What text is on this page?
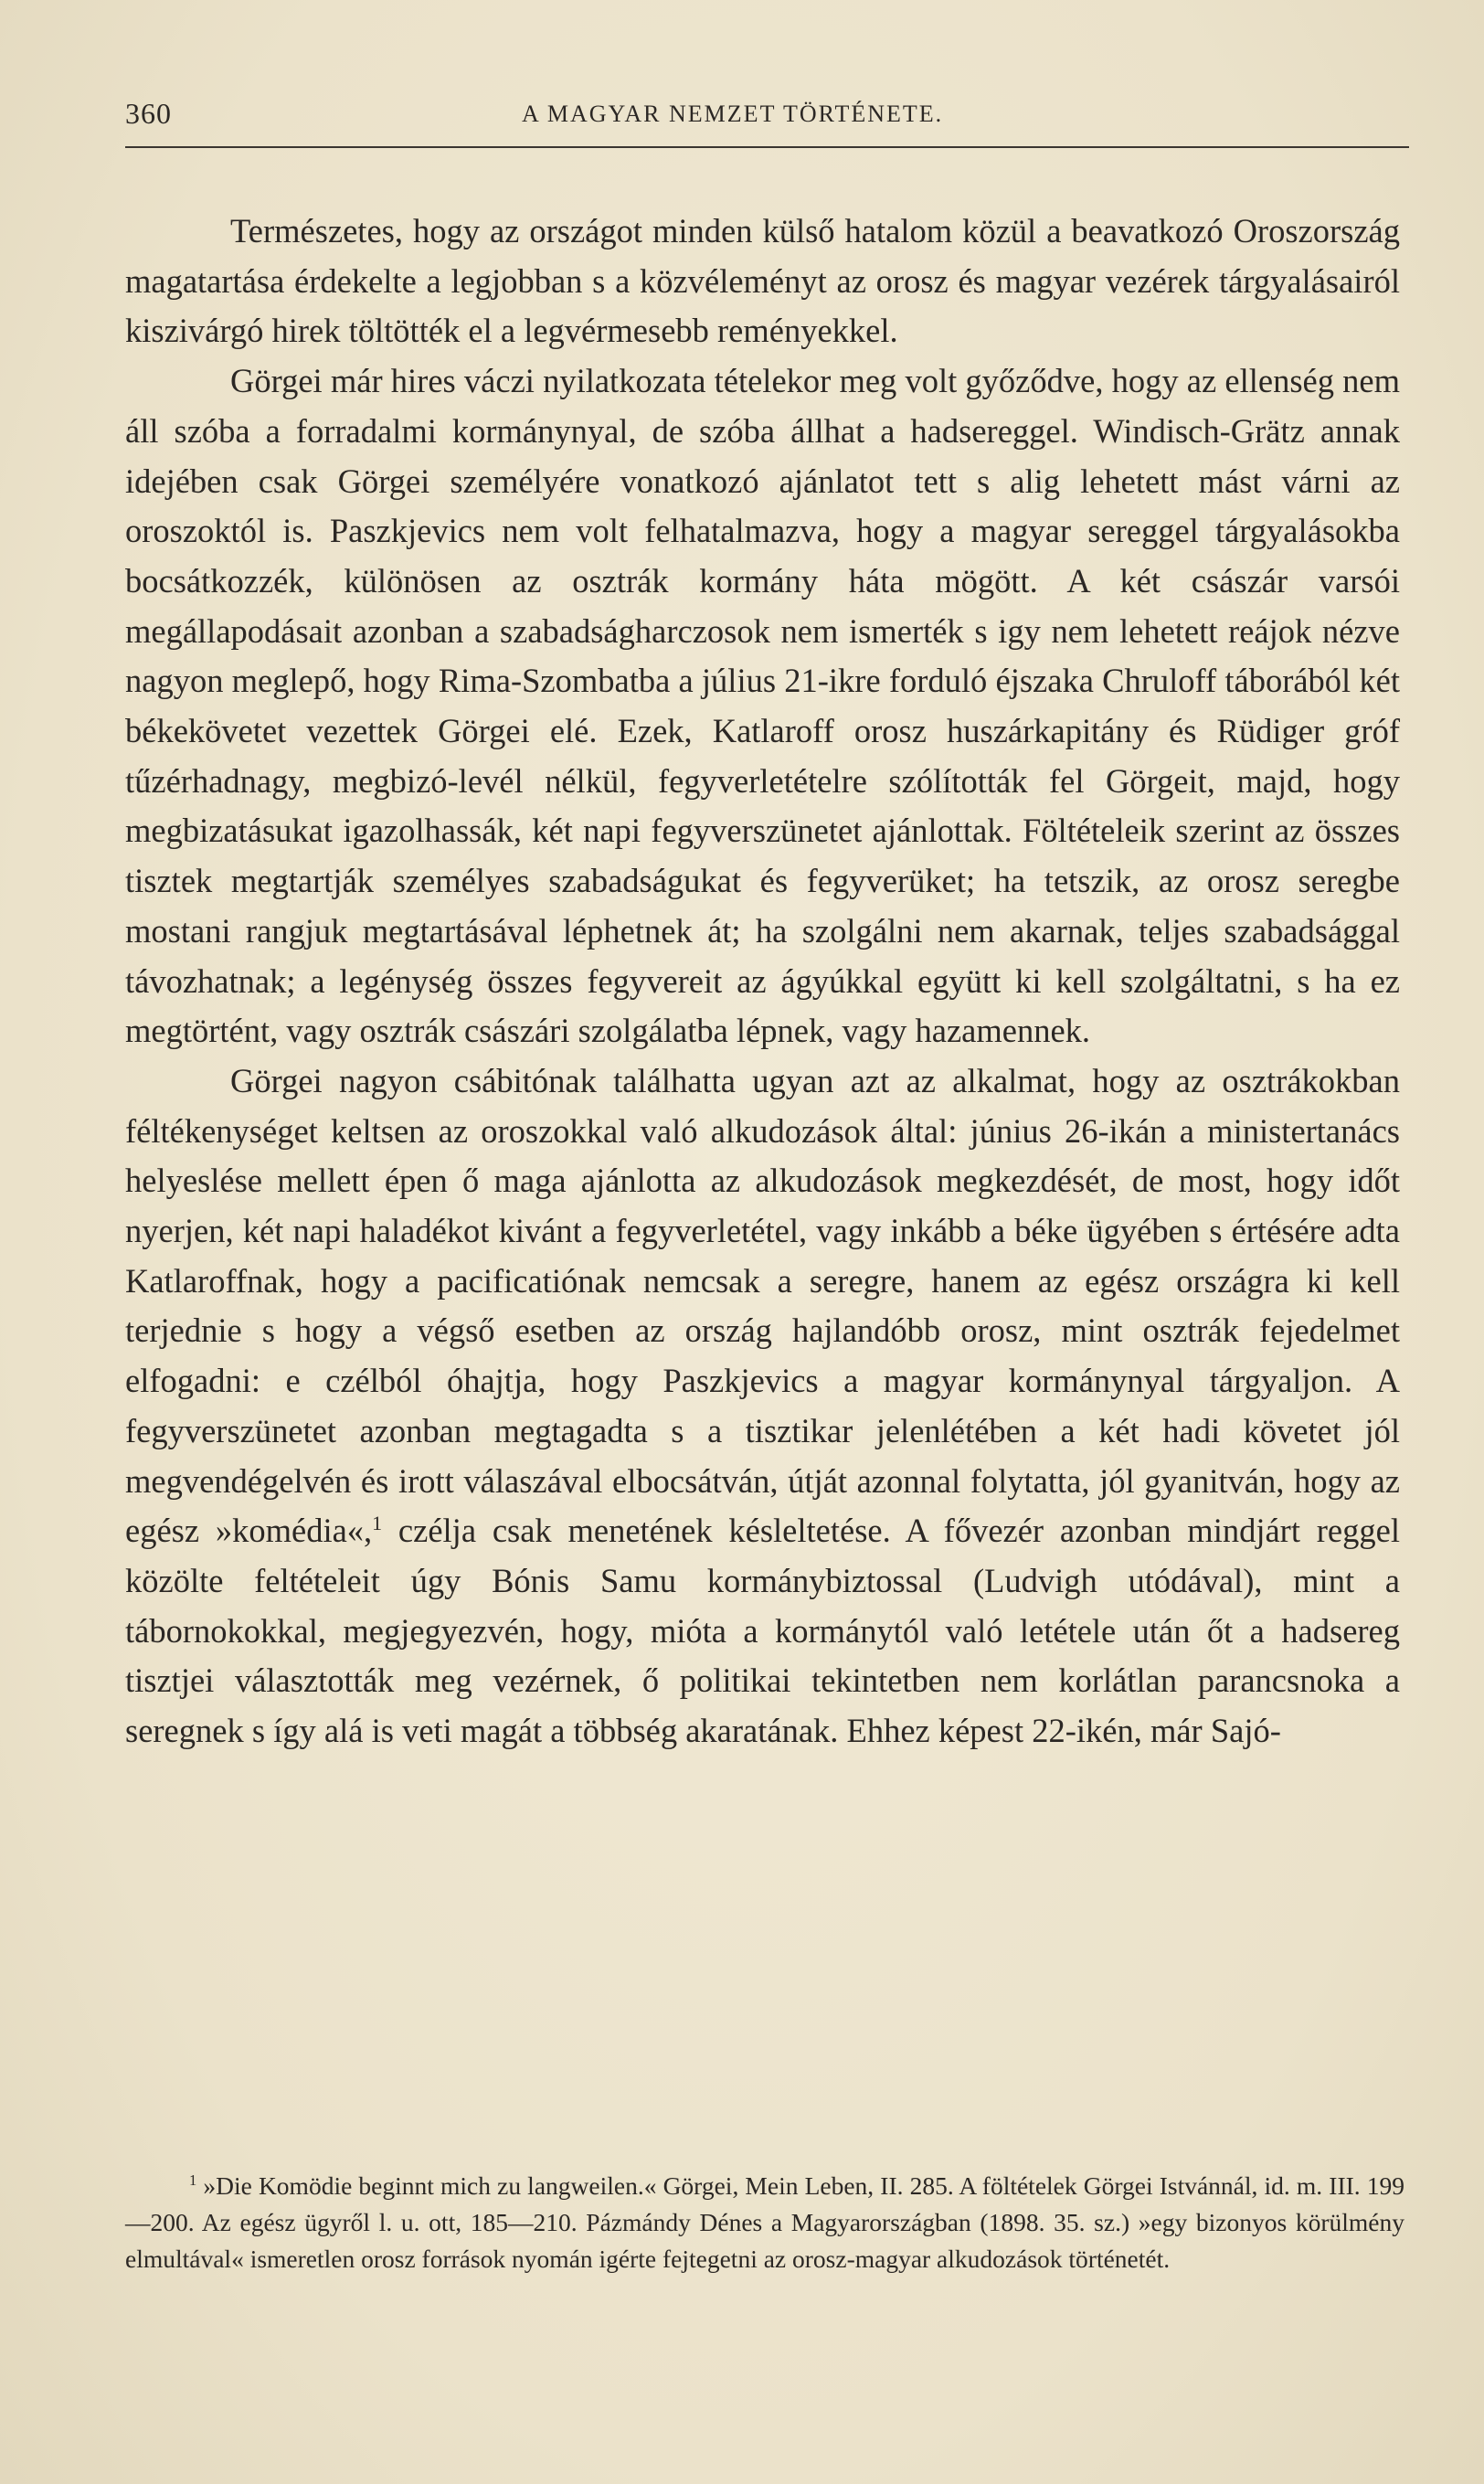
360	A MAGYAR NEMZET TÖRTÉNETE.

Természetes, hogy az országot minden külső hatalom közül a beavatkozó Oroszország magatartása érdekelte a legjobban s a közvéleményt az orosz és magyar vezérek tárgyalásairól kiszivárgó hirek töltötték el a legvérmesebb reményekkel.

Görgei már hires váczi nyilatkozata tételekor meg volt győződve, hogy az ellenség nem áll szóba a forradalmi kormánynyal, de szóba állhat a hadsereggel. Windisch-Grätz annak idejében csak Görgei személyére vonatkozó ajánlatot tett s alig lehetett mást várni az oroszoktól is. Paszkjevics nem volt felhatalmazva, hogy a magyar sereggel tárgyalásokba bocsátkozzék, különösen az osztrák kormány háta mögött. A két császár varsói megállapodásait azonban a szabadságharczosok nem ismerték s igy nem lehetett reájok nézve nagyon meglepő, hogy Rima-Szombatba a július 21-ikre forduló éjszaka Chruloff táborából két békekövetet vezettek Görgei elé. Ezek, Katlaroff orosz huszárkapitány és Rüdiger gróf tűzérhadnagy, megbizó-levél nélkül, fegyverletételre szólították fel Görgeit, majd, hogy megbizatásukat igazolhassák, két napi fegyverszünetet ajánlottak. Föltételeik szerint az összes tisztek megtartják személyes szabadságukat és fegyverüket; ha tetszik, az orosz seregbe mostani rangjuk megtartásával léphetnek át; ha szolgálni nem akarnak, teljes szabadsággal távozhatnak; a legénység összes fegyvereit az ágyúkkal együtt ki kell szolgáltatni, s ha ez megtörtént, vagy osztrák császári szolgálatba lépnek, vagy hazamennek.

Görgei nagyon csábitónak találhatta ugyan azt az alkalmat, hogy az osztrákokban féltékenységet keltsen az oroszokkal való alkudozások által: június 26-ikán a ministertanács helyeslése mellett épen ő maga ajánlotta az alkudozások megkezdését, de most, hogy időt nyerjen, két napi haladékot kivánt a fegyverletétel, vagy inkább a béke ügyében s értésére adta Katlaroffnak, hogy a pacificatiónak nemcsak a seregre, hanem az egész országra ki kell terjednie s hogy a végső esetben az ország hajlandóbb orosz, mint osztrák fejedelmet elfogadni: e czélból óhajtja, hogy Paszkjevics a magyar kormánynyal tárgyaljon. A fegyverszünetet azonban megtagadta s a tisztikar jelenlétében a két hadi követet jól megvendégelvén és irott válaszával elbocsátván, útját azonnal folytatta, jól gyanitván, hogy az egész »komédia«,$^1$ czélja csak menetének késleltetése. A fővezér azonban mindjárt reggel közölte feltételeit úgy Bónis Samu kormánybiztossal (Ludvigh utódával), mint a tábornokokkal, megjegyezvén, hogy, mióta a kormánytól való letétele után őt a hadsereg tisztjei választották meg vezérnek, ő politikai tekintetben nem korlátlan parancsnoka a seregnek s így alá is veti magát a többség akaratának. Ehhez képest 22-ikén, már Sajó-

$^1$ »Die Komödie beginnt mich zu langweilen.« Görgei, Mein Leben, II. 285. A föltételek Görgei Istvánnál, id. m. III. 199—200. Az egész ügyről l. u. ott, 185—210. Pázmándy Dénes a Magyarországban (1898. 35. sz.) »egy bizonyos körülmény elmultával« ismeretlen orosz források nyomán igérte fejtegetni az orosz-magyar alkudozások történetét.
